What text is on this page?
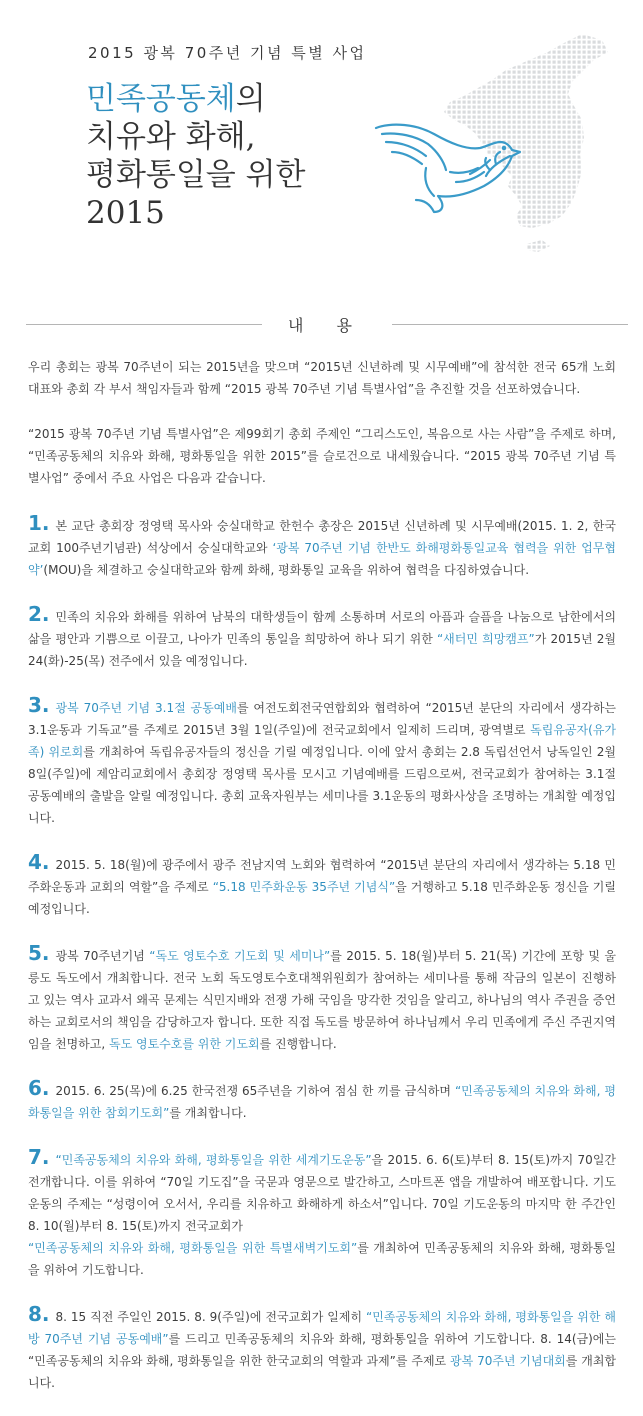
2015 광복 70주년 기념 특별 사업
민족공동체의
치유와 화해,
평화통일을 위한
2015
내 용

우리 총회는 광복 70주년이 되는 2015년을 맞으며 “2015년 신년하례 및 시무예배”에 참석한 전국 65개 노회 대표와 총회 각 부서 책임자들과 함께 “2015 광복 70주년 기념 특별사업”을 추진할 것을 선포하였습니다.

“2015 광복 70주년 기념 특별사업”은 제99회기 총회 주제인 “그리스도인, 복음으로 사는 사람”을 주제로 하며, “민족공동체의 치유와 화해, 평화통일을 위한 2015”를 슬로건으로 내세웠습니다. “2015 광복 70주년 기념 특별사업” 중에서 주요 사업은 다음과 같습니다.

1. 본 교단 총회장 정영택 목사와 숭실대학교 한헌수 총장은 2015년 신년하례 및 시무예배(2015. 1. 2, 한국교회 100주년기념관) 석상에서 숭실대학교와 ‘광복 70주년 기념 한반도 화해평화통일교육 협력을 위한 업무협약’(MOU)을 체결하고 숭실대학교와 함께 화해, 평화통일 교육을 위하여 협력을 다짐하였습니다.

2. 민족의 치유와 화해를 위하여 남북의 대학생들이 함께 소통하며 서로의 아픔과 슬픔을 나눔으로 남한에서의 삶을 평안과 기쁨으로 이끌고, 나아가 민족의 통일을 희망하여 하나 되기 위한 “새터민 희망캠프”가 2015년 2월 24(화)-25(목) 전주에서 있을 예정입니다.

3. 광복 70주년 기념 3.1절 공동예배를 여전도회전국연합회와 협력하여 “2015년 분단의 자리에서 생각하는 3.1운동과 기독교”를 주제로 2015년 3월 1일(주일)에 전국교회에서 일제히 드리며, 광역별로 독립유공자(유가족) 위로회를 개최하여 독립유공자들의 정신을 기릴 예정입니다. 이에 앞서 총회는 2.8 독립선언서 낭독일인 2월 8일(주일)에 제암리교회에서 총회장 정영택 목사를 모시고 기념예배를 드림으로써, 전국교회가 참여하는 3.1절 공동예배의 출발을 알릴 예정입니다. 총회 교육자원부는 세미나를 3.1운동의 평화사상을 조명하는 개최할 예정입니다.

4. 2015. 5. 18(월)에 광주에서 광주 전남지역 노회와 협력하여 “2015년 분단의 자리에서 생각하는 5.18 민주화운동과 교회의 역할”을 주제로 “5.18 민주화운동 35주년 기념식”을 거행하고 5.18 민주화운동 정신을 기릴 예정입니다.

5. 광복 70주년기념 “독도 영토수호 기도회 및 세미나”를 2015. 5. 18(월)부터 5. 21(목) 기간에 포항 및 울릉도 독도에서 개최합니다. 전국 노회 독도영토수호대책위원회가 참여하는 세미나를 통해 작금의 일본이 진행하고 있는 역사 교과서 왜곡 문제는 식민지배와 전쟁 가해 국임을 망각한 것임을 알리고, 하나님의 역사 주권을 증언하는 교회로서의 책임을 감당하고자 합니다. 또한 직접 독도를 방문하여 하나님께서 우리 민족에게 주신 주권지역임을 천명하고, 독도 영토수호를 위한 기도회를 진행합니다.

6. 2015. 6. 25(목)에 6.25 한국전쟁 65주년을 기하여 점심 한 끼를 금식하며 “민족공동체의 치유와 화해, 평화통일을 위한 참회기도회”를 개최합니다.

7. “민족공동체의 치유와 화해, 평화통일을 위한 세계기도운동”을 2015. 6. 6(토)부터 8. 15(토)까지 70일간 전개합니다. 이를 위하여 “70일 기도집”을 국문과 영문으로 발간하고, 스마트폰 앱을 개발하여 배포합니다. 기도운동의 주제는 “성령이여 오서서, 우리를 치유하고 화해하게 하소서”입니다. 70일 기도운동의 마지막 한 주간인 8. 10(월)부터 8. 15(토)까지 전국교회가
“민족공동체의 치유와 화해, 평화통일을 위한 특별새벽기도회”를 개최하여 민족공동체의 치유와 화해, 평화통일을 위하여 기도합니다.

8. 8. 15 직전 주일인 2015. 8. 9(주일)에 전국교회가 일제히 “민족공동체의 치유와 화해, 평화통일을 위한 해방 70주년 기념 공동예배”를 드리고 민족공동체의 치유와 화해, 평화통일을 위하여 기도합니다. 8. 14(금)에는 “민족공동체의 치유와 화해, 평화통일을 위한 한국교회의 역할과 과제”를 주제로 광복 70주년 기념대회를 개최합니다.
